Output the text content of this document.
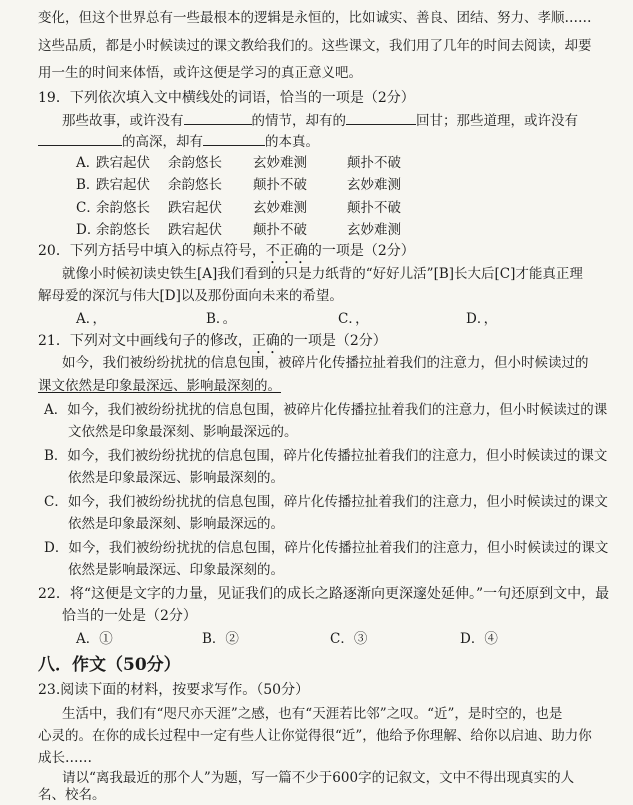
变化，但这个世界总有一些最根本的逻辑是永恒的，比如诚实、善良、团结、努力、孝顺……
这些品质，都是小时候读过的课文教给我们的。这些课文，我们用了几年的时间去阅读，却要
用一生的时间来体悟，或许这便是学习的真正意义吧。
19．下列依次填入文中横线处的词语，恰当的一项是（2分）
那些故事，或许没有	的情节，却有的	回甘；那些道理，或许没有
的高深，却有	的本真。
A．
跌宕起伏 余韵悠长 玄妙难测	颠扑不破
B．
跌宕起伏 余韵悠长 颠扑不破	玄妙难测
C．
余韵悠长 跌宕起伏 玄妙难测	颠扑不破
D．
余韵悠长 跌宕起伏 颠扑不破	玄妙难测
20．下列方括号中填入的标点符号，不正确的一项是（2分）
就像小时候初读史铁生[A]我们看到的只是力纸背的“好好儿活”[B]长大后[C]才能真正理
解母爱的深沉与伟大[D]以及那份面向未来的希望。
A．，	B．。	C．，	D．，
21．下列对文中画线句子的修改，正确的一项是（2分）
如今，我们被纷纷扰扰的信息包围，被碎片化传播拉扯着我们的注意力，但小时候读过的
课文依然是印象最深远、影响最深刻的。
A．如今，我们被纷纷扰扰的信息包围，被碎片化传播拉扯着我们的注意力，但小时候读过的课
文依然是印象最深刻、影响最深远的。
B．如今，我们被纷纷扰扰的信息包围，碎片化传播拉扯着我们的注意力，但小时候读过的课文
依然是印象最深远、影响最深刻的。
C．如今，我们被纷纷扰扰的信息包围，碎片化传播拉扯着我们的注意力，但小时候读过的课文
依然是印象最深刻、影响最深远的。
D．如今，我们被纷纷扰扰的信息包围，碎片化传播拉扯着我们的注意力，但小时候读过的课文
依然是影响最深远、印象最深刻的。
22．将“这便是文字的力量，见证我们的成长之路逐渐向更深邃处延伸。”一句还原到文中，最
恰当的一处是（2分）
A．①	B．②	C．③	D．④
八．作文（50分）
23.阅读下面的材料，按要求写作。（50分）
生活中，我们有“咫尺亦天涯”之感，也有“天涯若比邻”之叹。“近”，是时空的，也是
心灵的。在你的成长过程中一定有些人让你觉得很“近”，他给予你理解、给你以启迪、助力你
成长……
请以“离我最近的那个人”为题，写一篇不少于600字的记叙文，文中不得出现真实的人
名、校名。
